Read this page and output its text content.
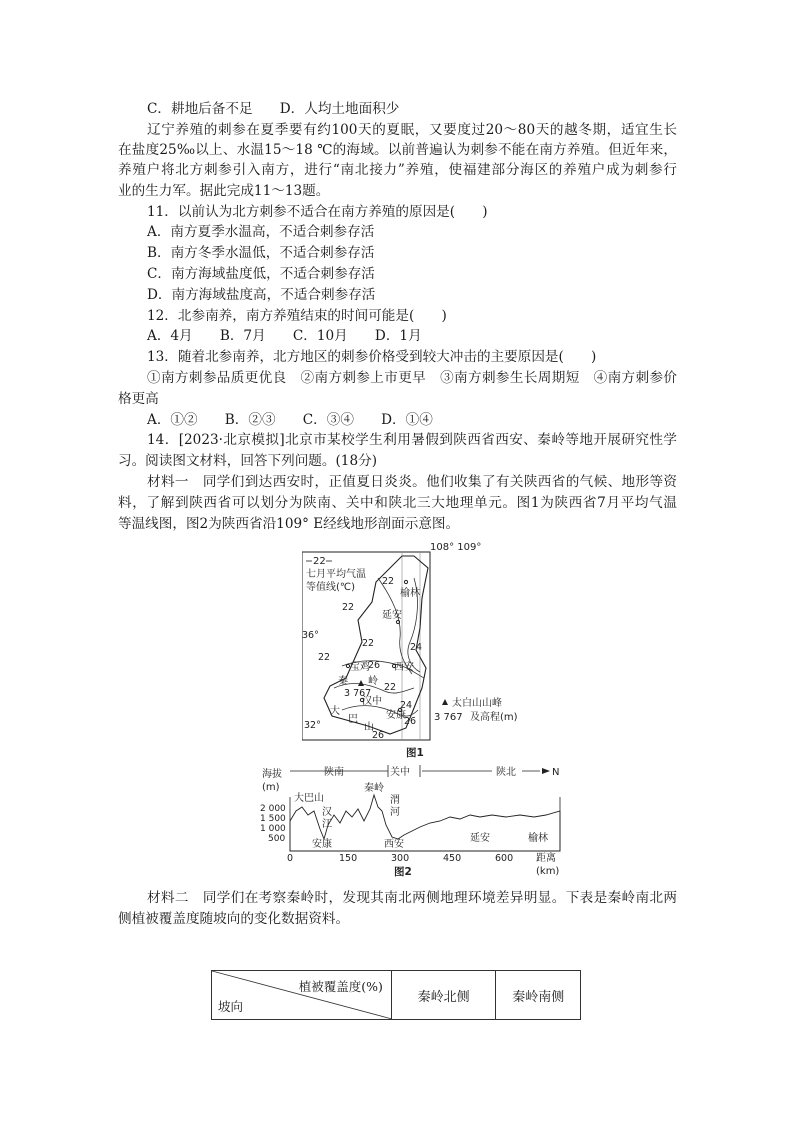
C．耕地后备不足　　D．人均土地面积少
辽宁养殖的刺参在夏季要有约100天的夏眠，又要度过20～80天的越冬期，适宜生长
在盐度25‰以上、水温15～18 ℃的海域。以前普遍认为刺参不能在南方养殖。但近年来，
养殖户将北方刺参引入南方，进行“南北接力”养殖，使福建部分海区的养殖户成为刺参行
业的生力军。据此完成11～13题。
11．以前认为北方刺参不适合在南方养殖的原因是(　　)
A．南方夏季水温高，不适合刺参存活
B．南方冬季水温低，不适合刺参存活
C．南方海域盐度低，不适合刺参存活
D．南方海域盐度高，不适合刺参存活
12．北参南养，南方养殖结束的时间可能是(　　)
A．4月　　B．7月　　C．10月　　D．1月
13．随着北参南养，北方地区的刺参价格受到较大冲击的主要原因是(　　)
①南方刺参品质更优良　②南方刺参上市更早　③南方刺参生长周期短　④南方刺参价
格更高
A．①②　　B．②③　　C．③④　　D．①④
14．[2023·北京模拟]北京市某校学生利用暑假到陕西省西安、秦岭等地开展研究性学
习。阅读图文材料，回答下列问题。(18分)
材料一　同学们到达西安时，正值夏日炎炎。他们收集了有关陕西省的气候、地形等资
料，了解到陕西省可以划分为陕南、关中和陕北三大地理单元。图1为陕西省7月平均气温
等温线图，图2为陕西省沿109° E经线地形剖面示意图。
108° 109°
22
七月平均气温
等值线(℃)
22
22
22	24
22
26
22
24
26
26
36°
32°
榆林
延安
宝鸡 西安
汉中
安康
秦 岭
大
巴
山
3 767
太白山山峰
3 767 及高程(m)
图1
海拔
(m)
陕南	关中	陕北	N
2 000
1 500
1 000
500
大巴山
汉
江
秦岭
渭
河
安康	西安
延安	榆林
0	150	300	450	600 距离
(km)
图2
材料二　同学们在考察秦岭时，发现其南北两侧地理环境差异明显。下表是秦岭南北两
侧植被覆盖度随坡向的变化数据资料。
植被覆盖度(%)
坡向
	秦岭北侧	秦岭南侧
